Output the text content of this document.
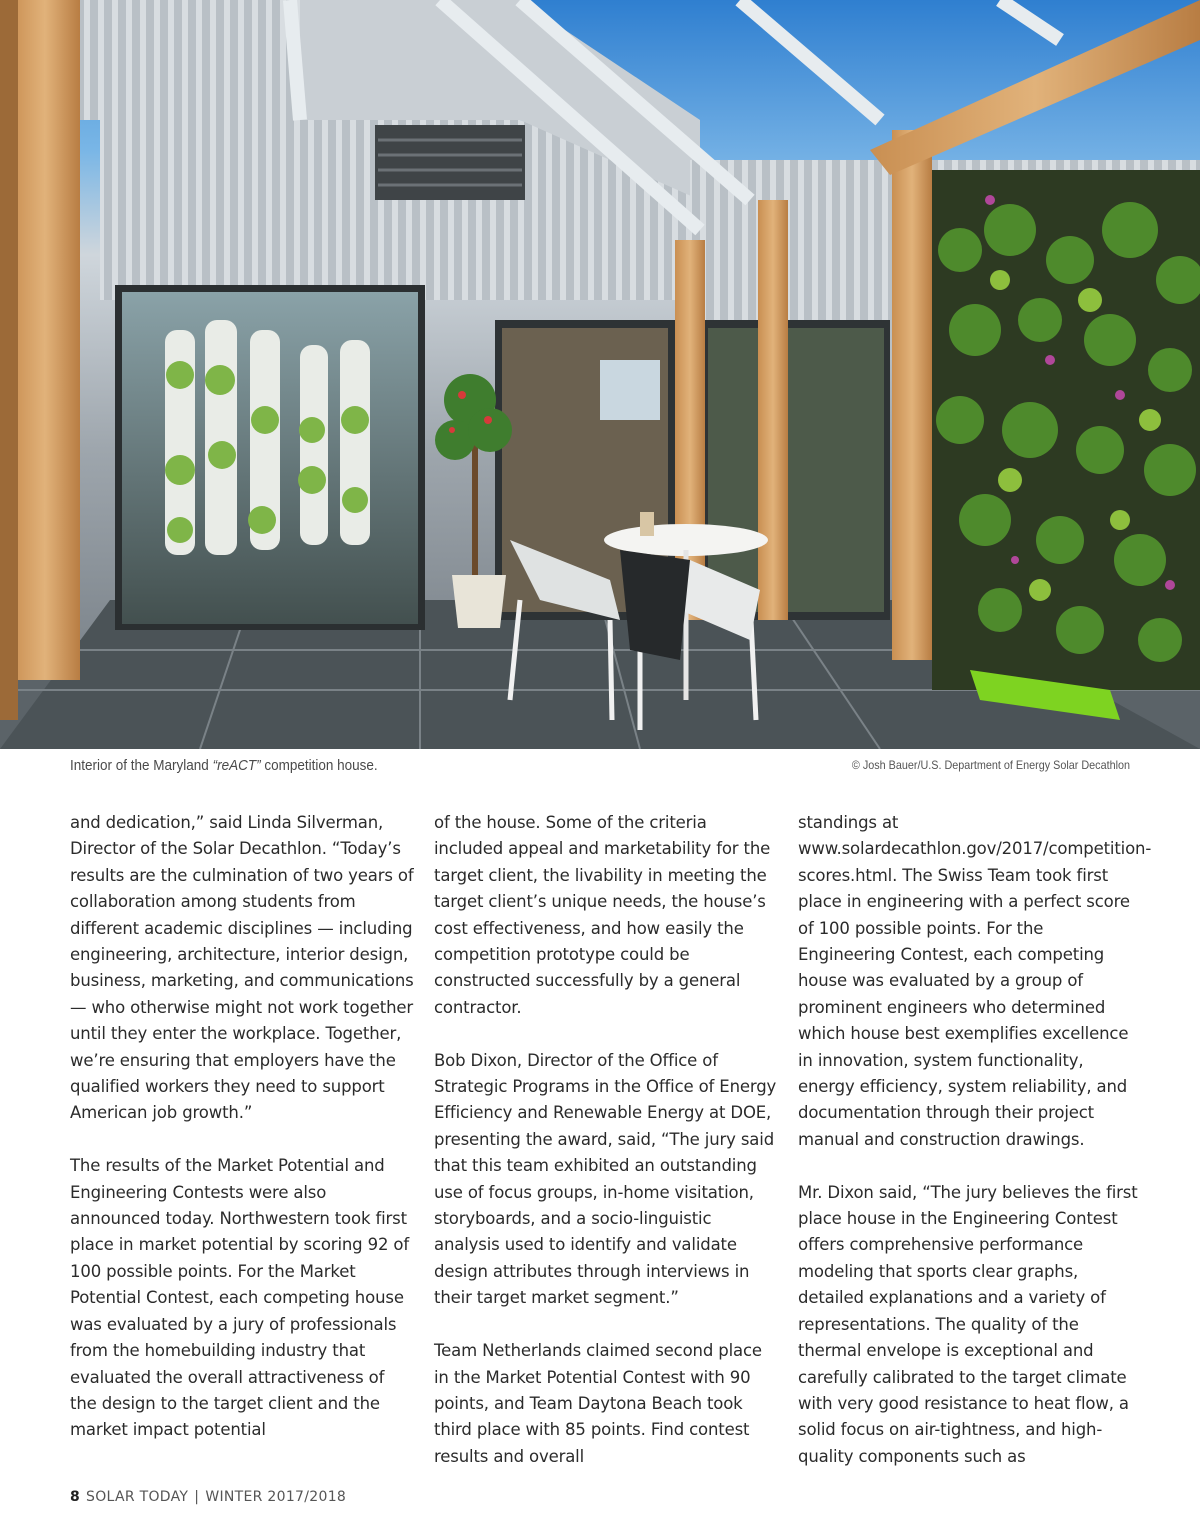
Interior of the Maryland “reACT” competition house.	© Josh Bauer/U.S. Department of Energy Solar Decathlon

and dedication,” said Linda Silverman, Director of the Solar Decathlon. “Today’s results are the culmination of two years of collaboration among students from different academic disciplines — including engineering, architecture, interior design, business, marketing, and communications — who otherwise might not work together until they enter the workplace. Together, we’re ensuring that employers have the qualified workers they need to support American job growth.”

The results of the Market Potential and Engineering Contests were also announced today. Northwestern took first place in market potential by scoring 92 of 100 possible points. For the Market Potential Contest, each competing house was evaluated by a jury of professionals from the homebuilding industry that evaluated the overall attractiveness of the design to the target client and the market impact potential

of the house. Some of the criteria included appeal and marketability for the target client, the livability in meeting the target client’s unique needs, the house’s cost effectiveness, and how easily the competition prototype could be constructed successfully by a general contractor.

Bob Dixon, Director of the Office of Strategic Programs in the Office of Energy Efficiency and Renewable Energy at DOE, presenting the award, said, “The jury said that this team exhibited an outstanding use of focus groups, in-home visitation, storyboards, and a socio-linguistic analysis used to identify and validate design attributes through interviews in their target market segment.”

Team Netherlands claimed second place in the Market Potential Contest with 90 points, and Team Daytona Beach took third place with 85 points. Find contest results and overall

standings at www.solardecathlon.gov/2017/competition-scores.html. The Swiss Team took first place in engineering with a perfect score of 100 possible points. For the Engineering Contest, each competing house was evaluated by a group of prominent engineers who determined which house best exemplifies excellence in innovation, system functionality, energy efficiency, system reliability, and documentation through their project manual and construction drawings.

Mr. Dixon said, “The jury believes the first place house in the Engineering Contest offers comprehensive performance modeling that sports clear graphs, detailed explanations and a variety of representations. The quality of the thermal envelope is exceptional and carefully calibrated to the target climate with very good resistance to heat flow, a solid focus on air-tightness, and high-quality components such as

8 SOLAR TODAY | WINTER 2017/2018
